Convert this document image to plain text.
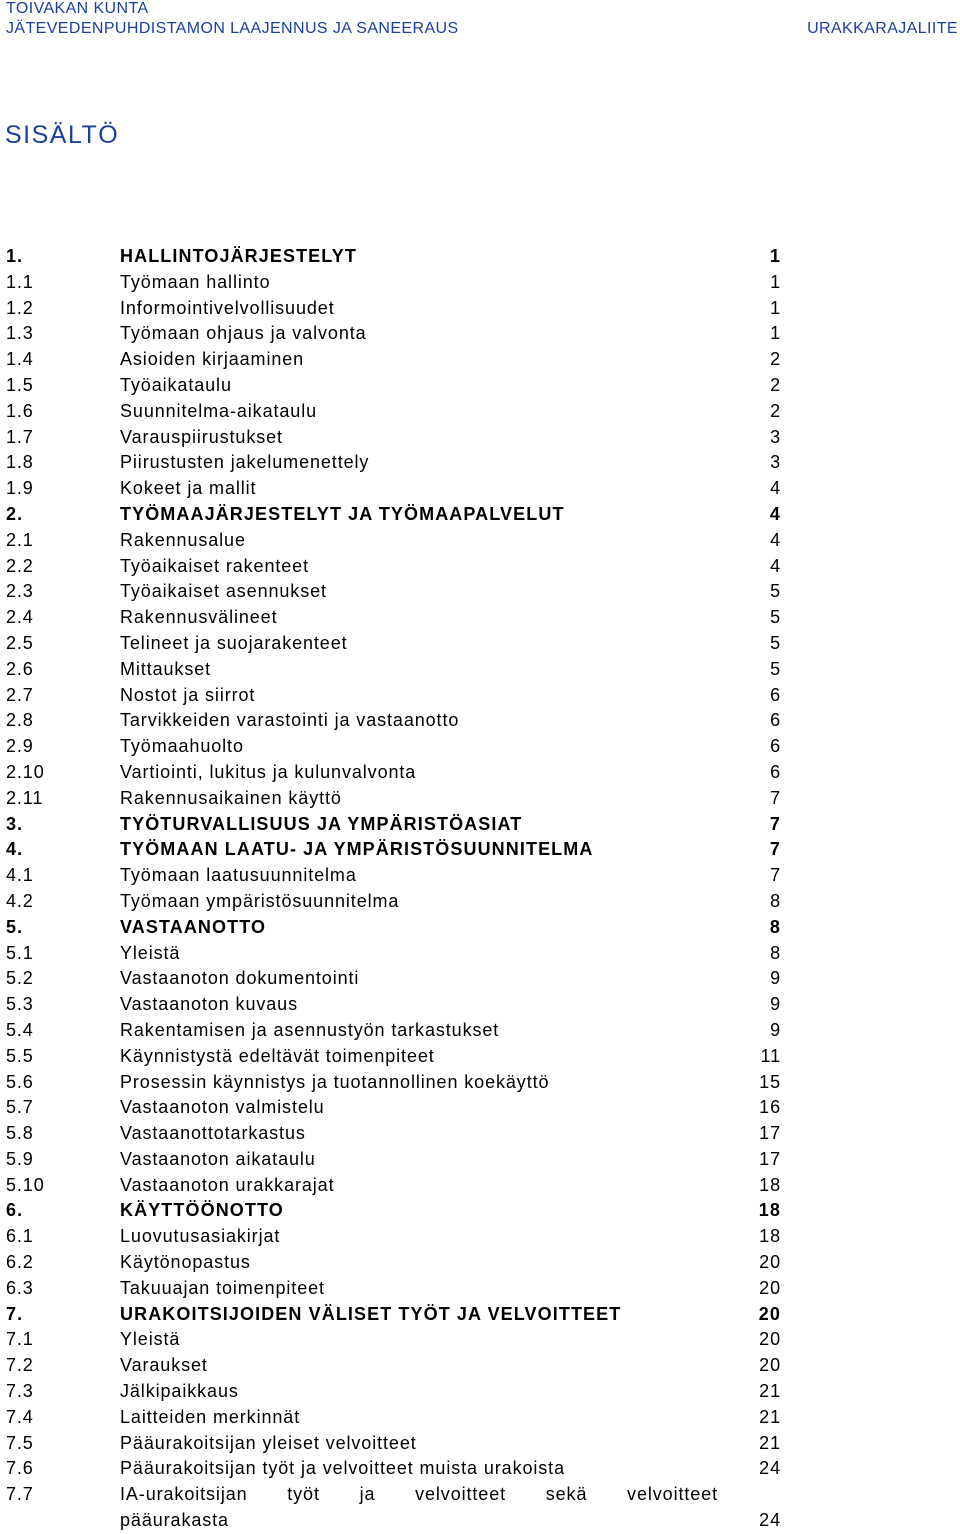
TOIVAKAN KUNTA
JÄTEVEDENPUHDISTAMON LAAJENNUS JA SANEERAUS	URAKKARAJALIITE
SISÄLTÖ
1.	HALLINTOJÄRJESTELYT	1
1.1	Työmaan hallinto	1
1.2	Informointivelvollisuudet	1
1.3	Työmaan ohjaus ja valvonta	1
1.4	Asioiden kirjaaminen	2
1.5	Työaikataulu	2
1.6	Suunnitelma-aikataulu	2
1.7	Varauspiirustukset	3
1.8	Piirustusten jakelumenettely	3
1.9	Kokeet ja mallit	4
2.	TYÖMAAJÄRJESTELYT JA TYÖMAAPALVELUT	4
2.1	Rakennusalue	4
2.2	Työaikaiset rakenteet	4
2.3	Työaikaiset asennukset	5
2.4	Rakennusvälineet	5
2.5	Telineet ja suojarakenteet	5
2.6	Mittaukset	5
2.7	Nostot ja siirrot	6
2.8	Tarvikkeiden varastointi ja vastaanotto	6
2.9	Työmaahuolto	6
2.10	Vartiointi, lukitus ja kulunvalvonta	6
2.11	Rakennusaikainen käyttö	7
3.	TYÖTURVALLISUUS JA YMPÄRISTÖASIAT	7
4.	TYÖMAAN LAATU- JA YMPÄRISTÖSUUNNITELMA	7
4.1	Työmaan laatusuunnitelma	7
4.2	Työmaan ympäristösuunnitelma	8
5.	VASTAANOTTO	8
5.1	Yleistä	8
5.2	Vastaanoton dokumentointi	9
5.3	Vastaanoton kuvaus	9
5.4	Rakentamisen ja asennustyön tarkastukset	9
5.5	Käynnistystä edeltävät toimenpiteet	11
5.6	Prosessin käynnistys ja tuotannollinen koekäyttö	15
5.7	Vastaanoton valmistelu	16
5.8	Vastaanottotarkastus	17
5.9	Vastaanoton aikataulu	17
5.10	Vastaanoton urakkarajat	18
6.	KÄYTTÖÖNOTTO	18
6.1	Luovutusasiakirjat	18
6.2	Käytönopastus	20
6.3	Takuuajan toimenpiteet	20
7.	URAKOITSIJOIDEN VÄLISET TYÖT JA VELVOITTEET	20
7.1	Yleistä	20
7.2	Varaukset	20
7.3	Jälkipaikkaus	21
7.4	Laitteiden merkinnät	21
7.5	Pääurakoitsijan yleiset velvoitteet	21
7.6	Pääurakoitsijan työt ja velvoitteet muista urakoista	24
7.7	IA-urakoitsijan työt ja velvoitteet sekä velvoitteet
pääurakasta	24
